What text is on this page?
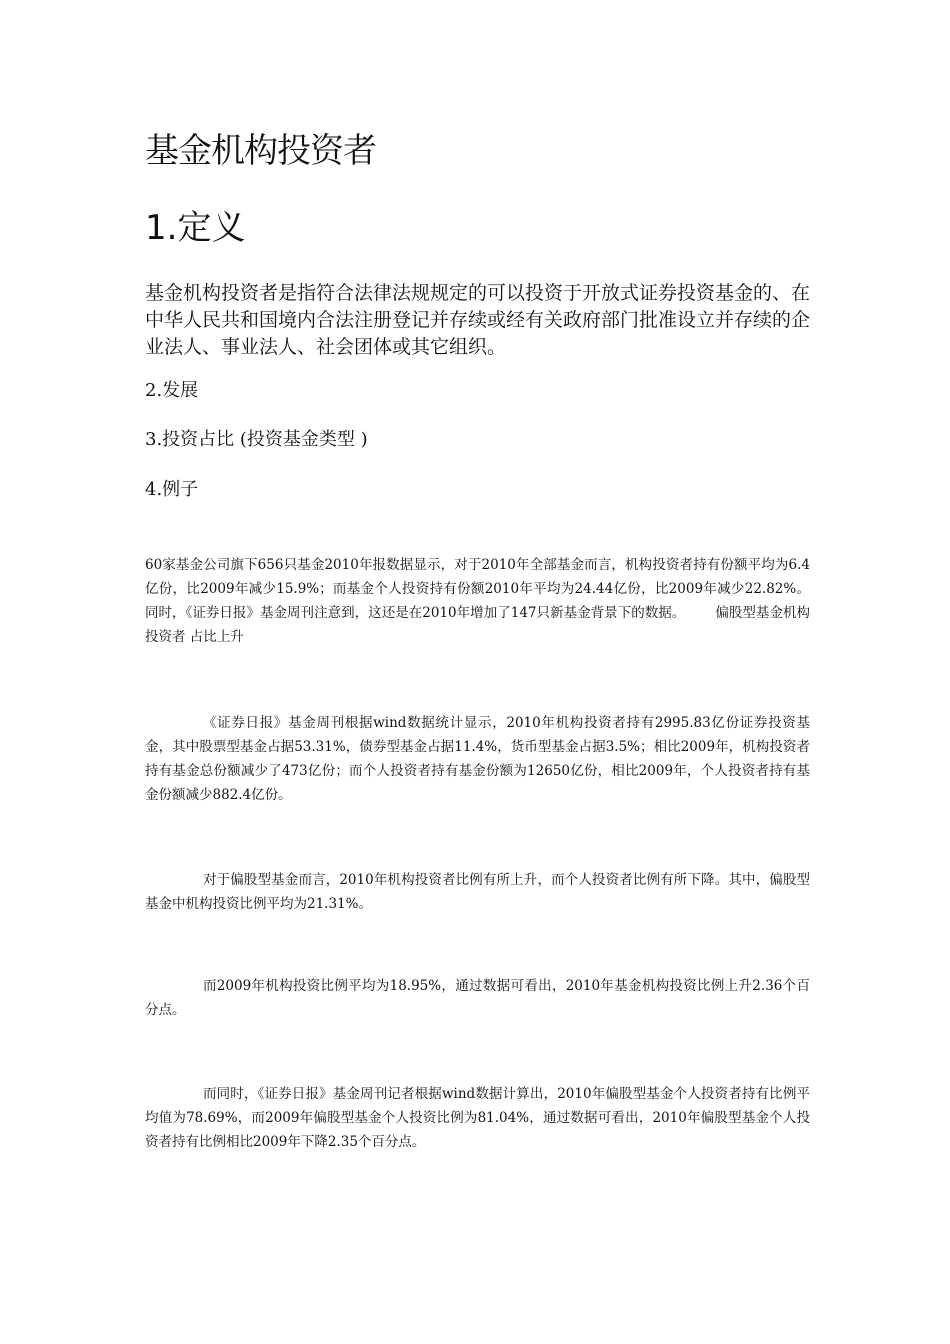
基金机构投资者
1.定义

基金机构投资者是指符合法律法规规定的可以投资于开放式证券投资基金的、在中华人民共和国境内合法注册登记并存续或经有关政府部门批准设立并存续的企业法人、事业法人、社会团体或其它组织。

2.发展

3.投资占比 (投资基金类型 )

4.例子

60家基金公司旗下656只基金2010年报数据显示，对于2010年全部基金而言，机构投资者持有份额平均为6.4亿份，比2009年减少15.9%；而基金个人投资持有份额2010年平均为24.44亿份，比2009年减少22.82%。 同时，《证券日报》基金周刊注意到，这还是在2010年增加了147只新基金背景下的数据。 偏股型基金机构投资者 占比上升

《证券日报》基金周刊根据wind数据统计显示，2010年机构投资者持有2995.83亿份证券投资基金，其中股票型基金占据53.31%，债券型基金占据11.4%，货币型基金占据3.5%；相比2009年，机构投资者持有基金总份额减少了473亿份；而个人投资者持有基金份额为12650亿份，相比2009年，个人投资者持有基金份额减少882.4亿份。

对于偏股型基金而言，2010年机构投资者比例有所上升，而个人投资者比例有所下降。其中，偏股型基金中机构投资比例平均为21.31%。

而2009年机构投资比例平均为18.95%，通过数据可看出，2010年基金机构投资比例上升2.36个百分点。

而同时，《证券日报》基金周刊记者根据wind数据计算出，2010年偏股型基金个人投资者持有比例平均值为78.69%，而2009年偏股型基金个人投资比例为81.04%，通过数据可看出，2010年偏股型基金个人投资者持有比例相比2009年下降2.35个百分点。
